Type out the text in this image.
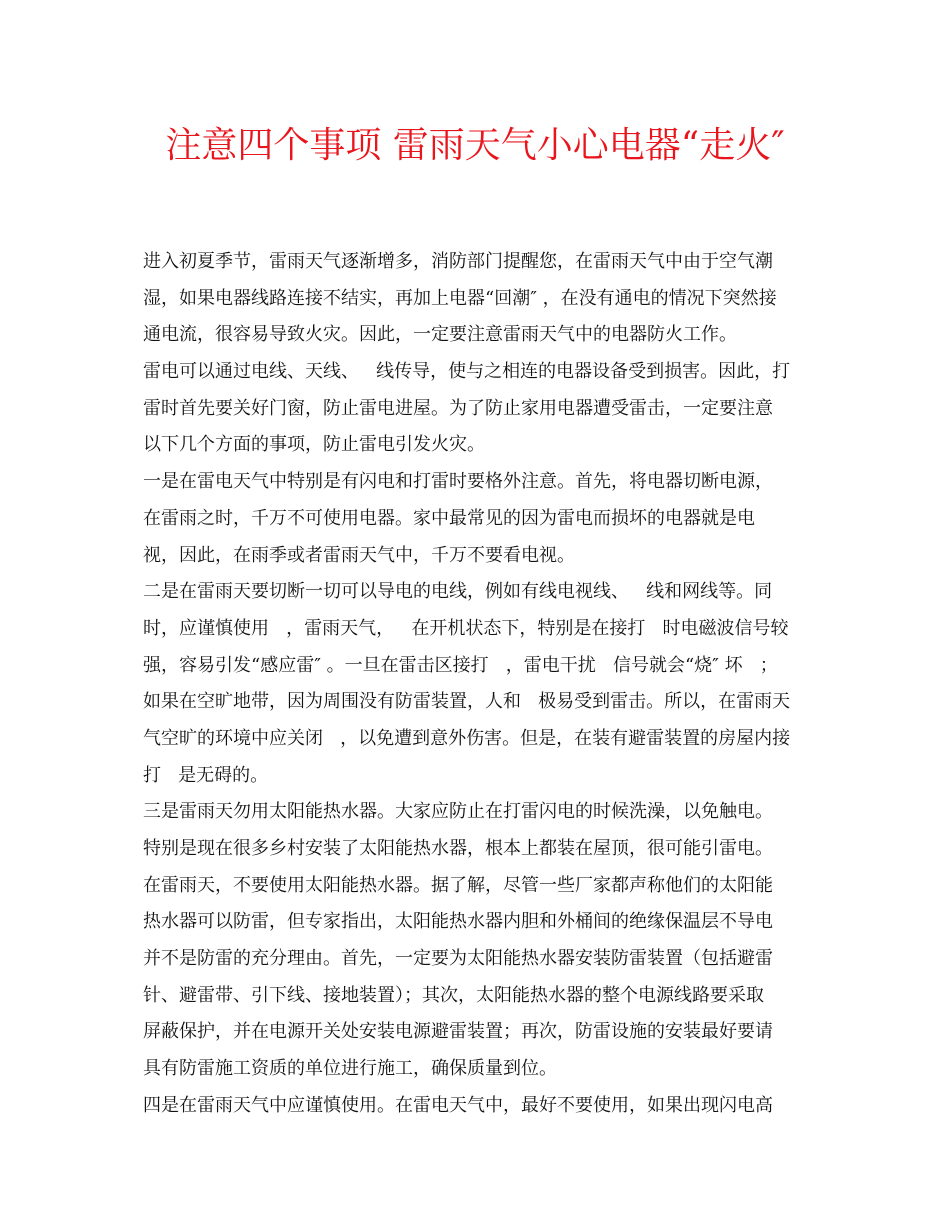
注意四个事项 雷雨天气小心电器“走火″
进入初夏季节，雷雨天气逐渐增多，消防部门提醒您，在雷雨天气中由于空气潮
湿，如果电器线路连接不结实，再加上电器“回潮″ ，在没有通电的情况下突然接
通电流，很容易导致火灾。因此，一定要注意雷雨天气中的电器防火工作。
雷电可以通过电线、天线、   线传导，使与之相连的电器设备受到损害。因此，打
雷时首先要关好门窗，防止雷电进屋。为了防止家用电器遭受雷击，一定要注意
以下几个方面的事项，防止雷电引发火灾。
一是在雷电天气中特别是有闪电和打雷时要格外注意。首先，将电器切断电源，
在雷雨之时，千万不可使用电器。家中最常见的因为雷电而损坏的电器就是电
视，因此，在雨季或者雷雨天气中，千万不要看电视。
二是在雷雨天要切断一切可以导电的电线，例如有线电视线、   线和网线等。同
时，应谨慎使用   ，雷雨天气，   在开机状态下，特别是在接打   时电磁波信号较
强，容易引发“感应雷″ 。一旦在雷击区接打   ，雷电干扰   信号就会“烧″ 坏   ；
如果在空旷地带，因为周围没有防雷装置，人和   极易受到雷击。所以，在雷雨天
气空旷的环境中应关闭   ，以免遭到意外伤害。但是，在装有避雷装置的房屋内接
打   是无碍的。
三是雷雨天勿用太阳能热水器。大家应防止在打雷闪电的时候洗澡，以免触电。
特别是现在很多乡村安装了太阳能热水器，根本上都装在屋顶，很可能引雷电。
在雷雨天，不要使用太阳能热水器。据了解，尽管一些厂家都声称他们的太阳能
热水器可以防雷，但专家指出，太阳能热水器内胆和外桶间的绝缘保温层不导电
并不是防雷的充分理由。首先，一定要为太阳能热水器安装防雷装置（包括避雷
针、避雷带、引下线、接地装置）；其次，太阳能热水器的整个电源线路要采取
屏蔽保护，并在电源开关处安装电源避雷装置；再次，防雷设施的安装最好要请
具有防雷施工资质的单位进行施工，确保质量到位。
四是在雷雨天气中应谨慎使用。在雷电天气中，最好不要使用，如果出现闪电高
